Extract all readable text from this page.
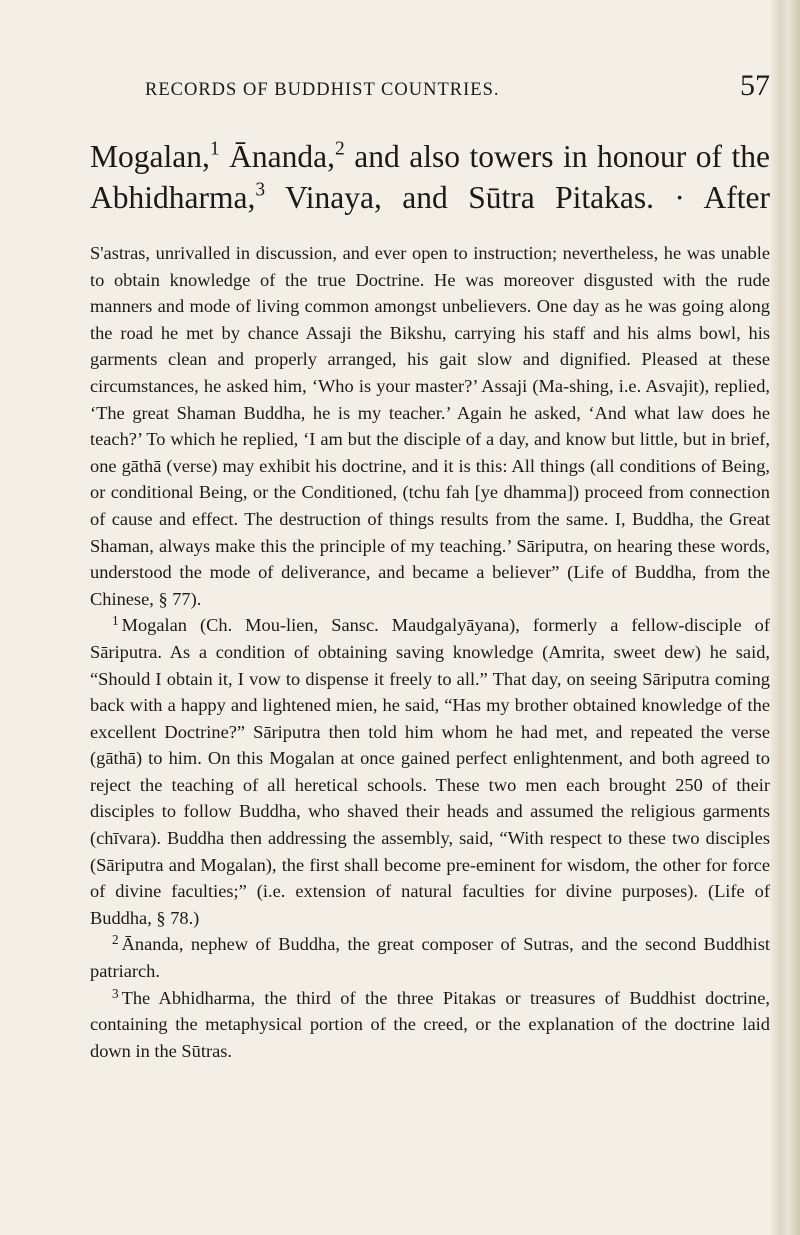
RECORDS OF BUDDHIST COUNTRIES.	57

Mogalan,$^1$ Ānanda,$^2$ and also towers in honour of the
Abhidharma,$^3$ Vinaya, and Sūtra Pitakas. · After

S'astras, unrivalled in discussion, and ever open to instruction; nevertheless, he was unable to obtain knowledge of the true Doctrine. He was moreover disgusted with the rude manners and mode of living common amongst unbelievers. One day as he was going along the road he met by chance Assaji the Bikshu, carrying his staff and his alms bowl, his garments clean and properly arranged, his gait slow and dignified. Pleased at these circumstances, he asked him, ‘Who is your master?’ Assaji (Ma-shing, i.e. Asvajit), replied, ‘The great Shaman Buddha, he is my teacher.’ Again he asked, ‘And what law does he teach?’ To which he replied, ‘I am but the disciple of a day, and know but little, but in brief, one gāthā (verse) may exhibit his doctrine, and it is this: All things (all conditions of Being, or conditional Being, or the Conditioned, (tchu fah [ye dhamma]) proceed from connection of cause and effect. The destruction of things results from the same. I, Buddha, the Great Shaman, always make this the principle of my teaching.’ Sāriputra, on hearing these words, understood the mode of deliverance, and became a believer” (Life of Buddha, from the Chinese, § 77).

$^1$ Mogalan (Ch. Mou-lien, Sansc. Maudgalyāyana), formerly a fellow-disciple of Sāriputra. As a condition of obtaining saving knowledge (Amrita, sweet dew) he said, “Should I obtain it, I vow to dispense it freely to all.” That day, on seeing Sāriputra coming back with a happy and lightened mien, he said, “Has my brother obtained knowledge of the excellent Doctrine?” Sāriputra then told him whom he had met, and repeated the verse (gāthā) to him. On this Mogalan at once gained perfect enlightenment, and both agreed to reject the teaching of all heretical schools. These two men each brought 250 of their disciples to follow Buddha, who shaved their heads and assumed the religious garments (chīvara). Buddha then addressing the assembly, said, “With respect to these two disciples (Sāriputra and Mogalan), the first shall become pre-eminent for wisdom, the other for force of divine faculties;” (i.e. extension of natural faculties for divine purposes). (Life of Buddha, § 78.)

$^2$ Ānanda, nephew of Buddha, the great composer of Sutras, and the second Buddhist patriarch.

$^3$ The Abhidharma, the third of the three Pitakas or treasures of Buddhist doctrine, containing the metaphysical portion of the creed, or the explanation of the doctrine laid down in the Sūtras.
